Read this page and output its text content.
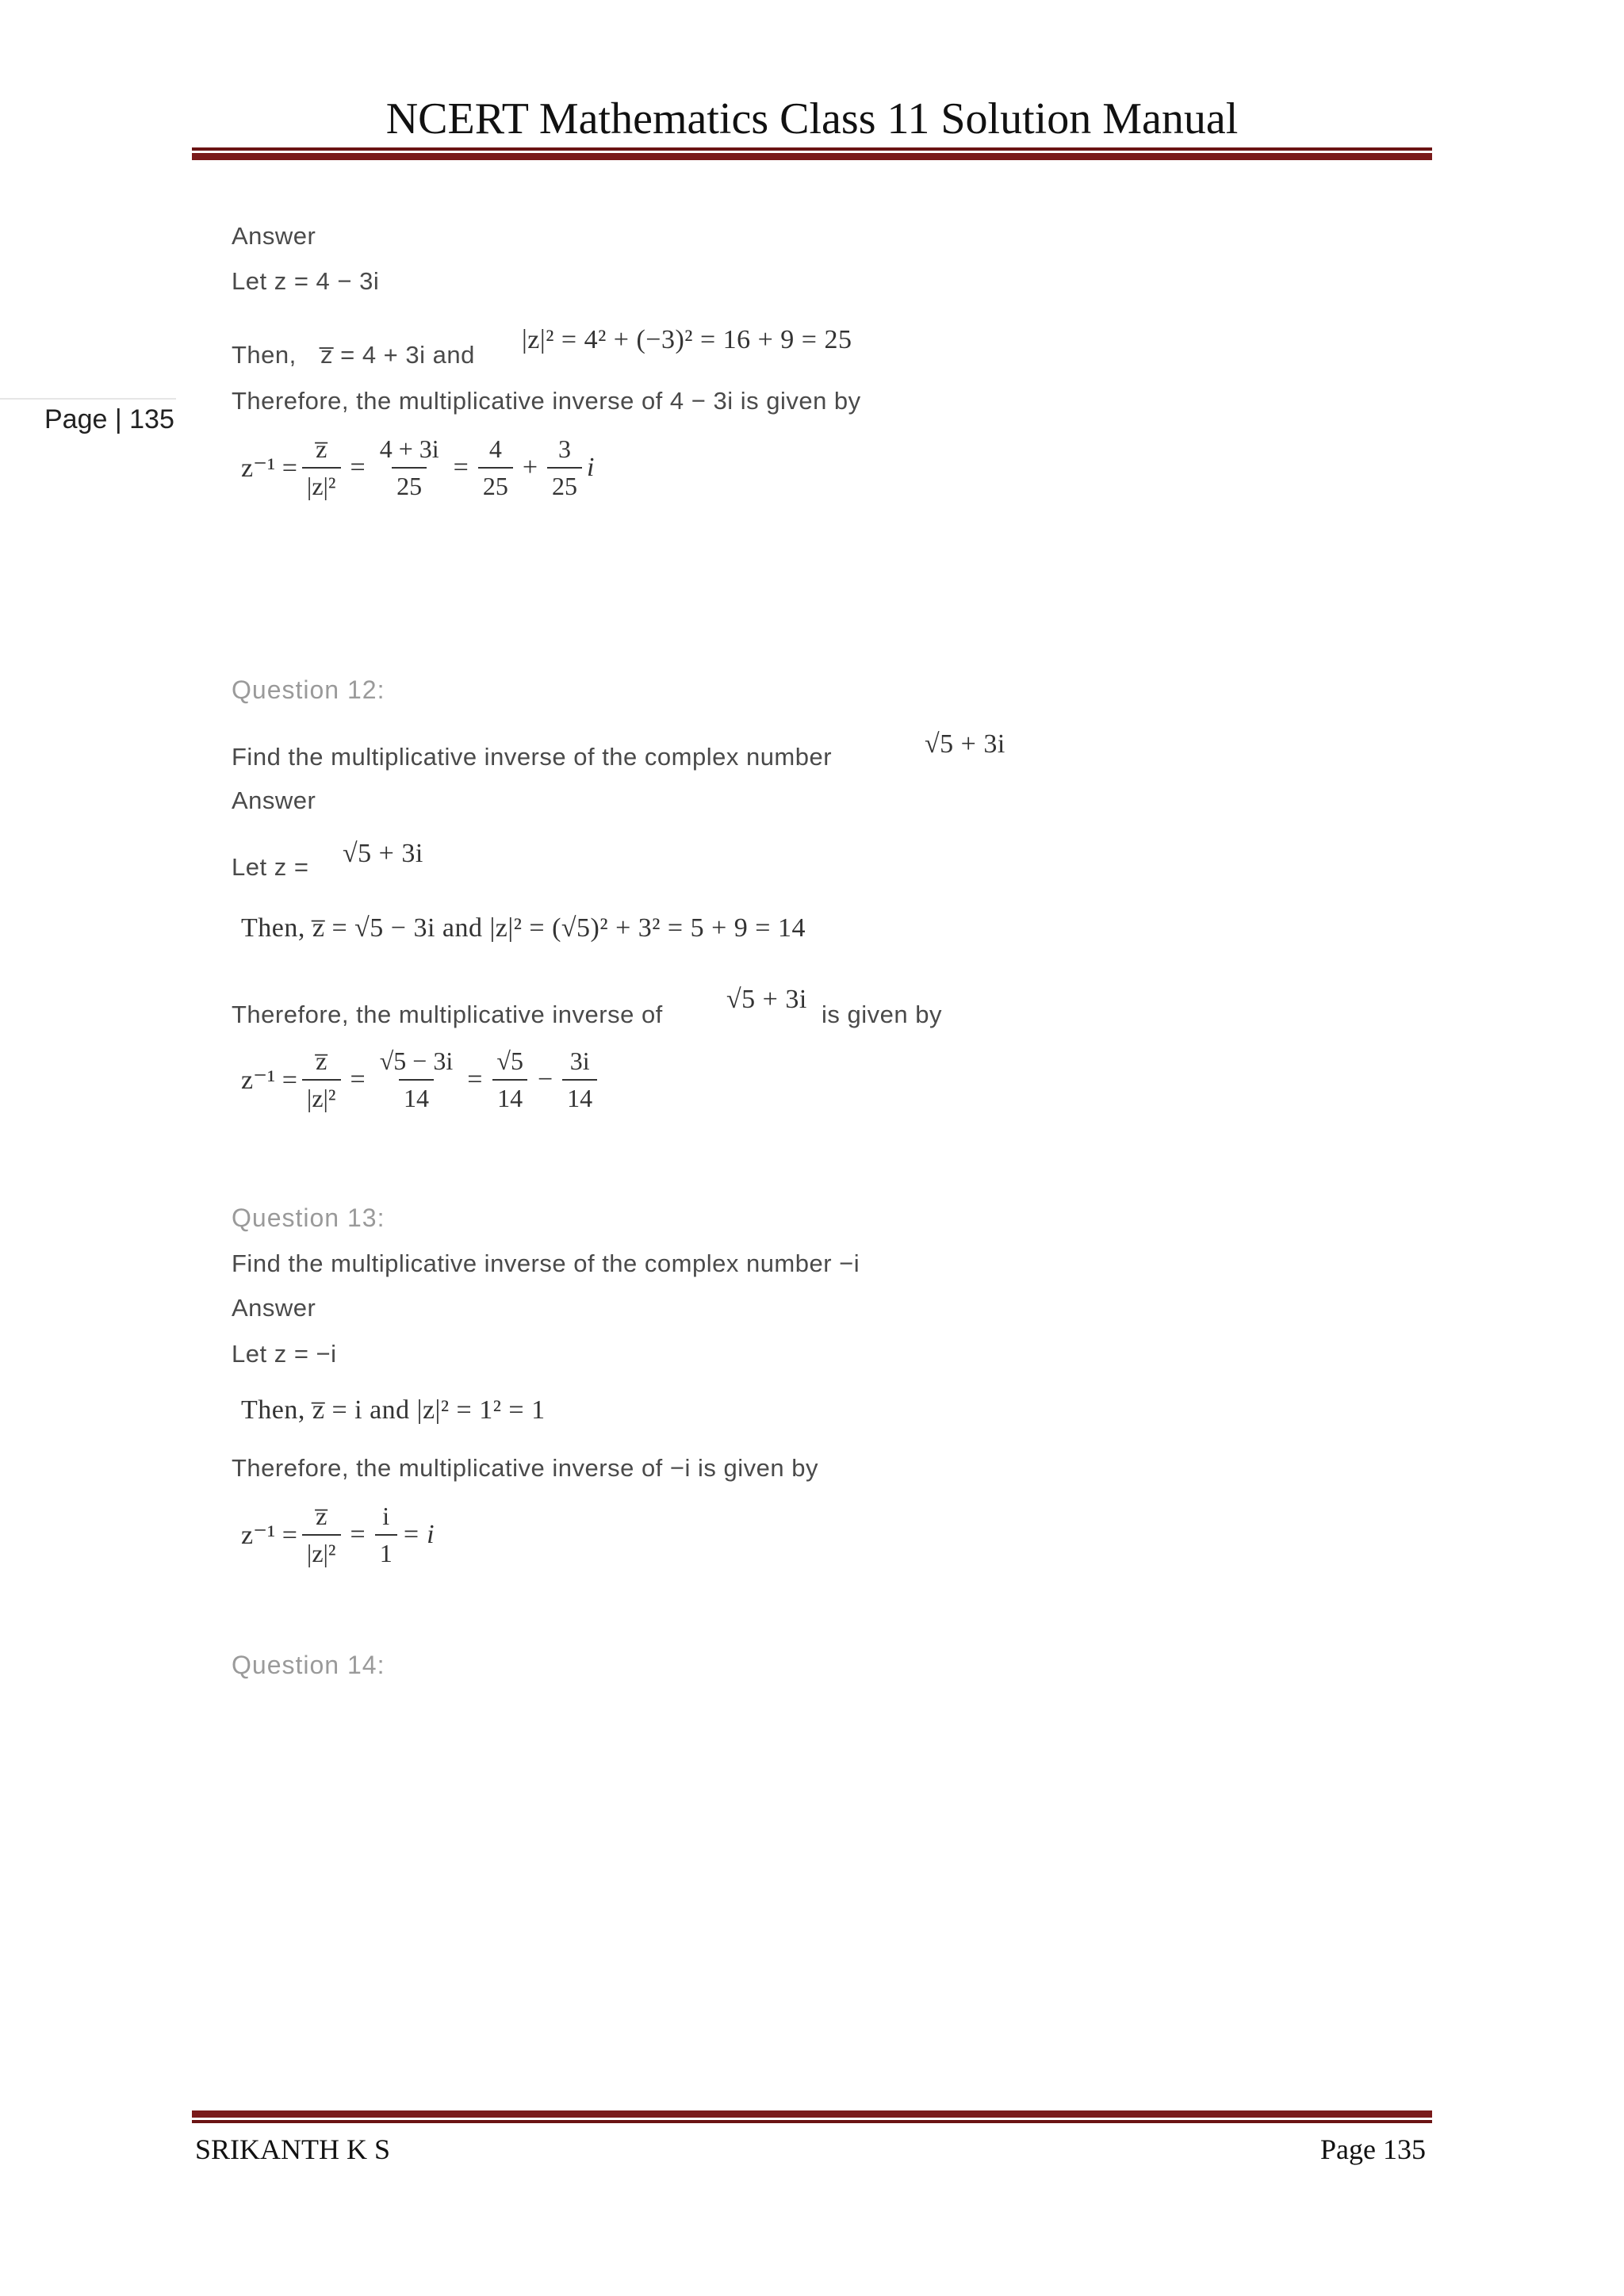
NCERT Mathematics Class 11 Solution Manual
Page | 135
Answer
Let z = 4 − 3i
Then, z̅ = 4 + 3i and
|z|² = 4² + (−3)² = 16 + 9 = 25
Therefore, the multiplicative inverse of 4 − 3i is given by
$z^{-1} = \frac{z̅}{\text{|z|²}} = \frac{4 + 3i}{25} = \frac{4}{25} + \frac{3}{25}$ i
Question 12:
Find the multiplicative inverse of the complex number	√5 + 3i
Answer
Let z = √5 + 3i
Then, z̅ = √5 − 3i and |z|² = (√5)² + 3² = 5 + 9 = 14
Therefore, the multiplicative inverse of
√5 + 3i
is given by
$z^{-1} = \frac{z̅}{\text{|z|²}} = \frac{√5 - 3i}{14} = \frac{√5}{14} - \frac{3i}{14}$
Question 13:
Find the multiplicative inverse of the complex number −i
Answer
Let z = −i
Then, z̅ = i and |z|² = 1² = 1
Therefore, the multiplicative inverse of −i is given by
$z^{-1} = \frac{z̅}{\text{|z|²}} = \frac{i}{1} = i$
Question 14:
SRIKANTH K S	Page 135
